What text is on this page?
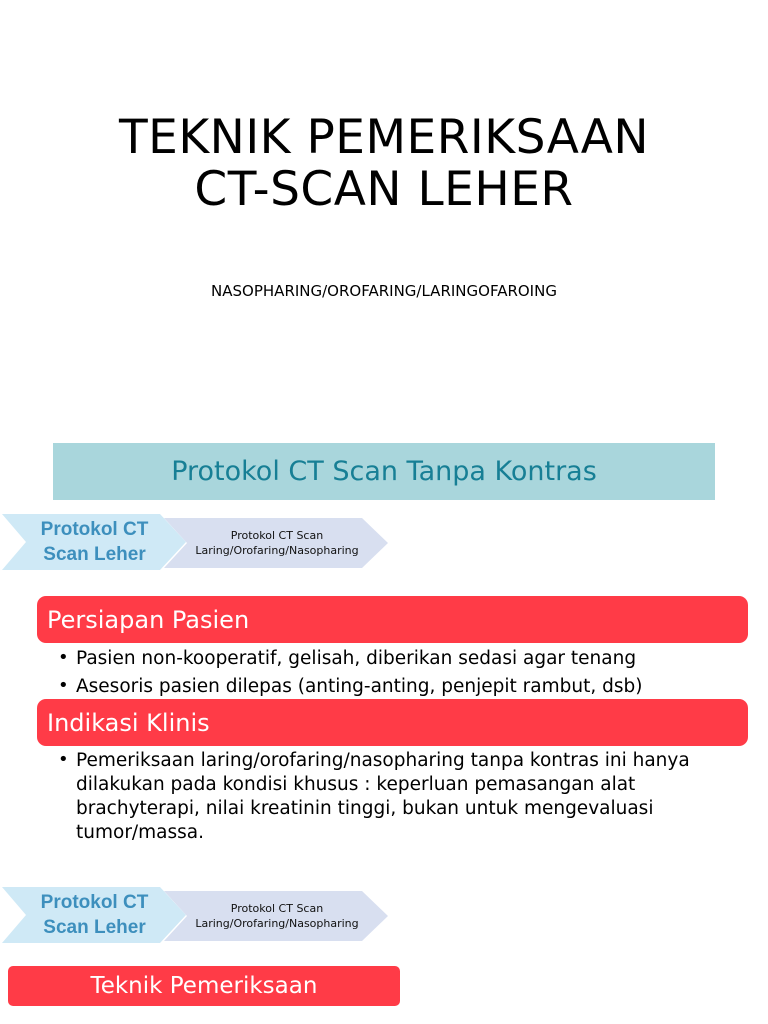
TEKNIK PEMERIKSAAN
CT-SCAN LEHER
NASOPHARING/OROFARING/LARINGOFAROING
Protokol CT Scan Tanpa Kontras
Protokol CT
Scan Leher
Protokol CT Scan
Laring/Orofaring/Nasopharing
Persiapan Pasien
• Pasien non-kooperatif, gelisah, diberikan sedasi agar tenang
• Asesoris pasien dilepas (anting-anting, penjepit rambut, dsb)
Indikasi Klinis
• Pemeriksaan laring/orofaring/nasopharing tanpa kontras ini hanya dilakukan pada kondisi khusus : keperluan pemasangan alat brachyterapi, nilai kreatinin tinggi, bukan untuk mengevaluasi tumor/massa.
Protokol CT
Scan Leher
Protokol CT Scan
Laring/Orofaring/Nasopharing
Teknik Pemeriksaan
